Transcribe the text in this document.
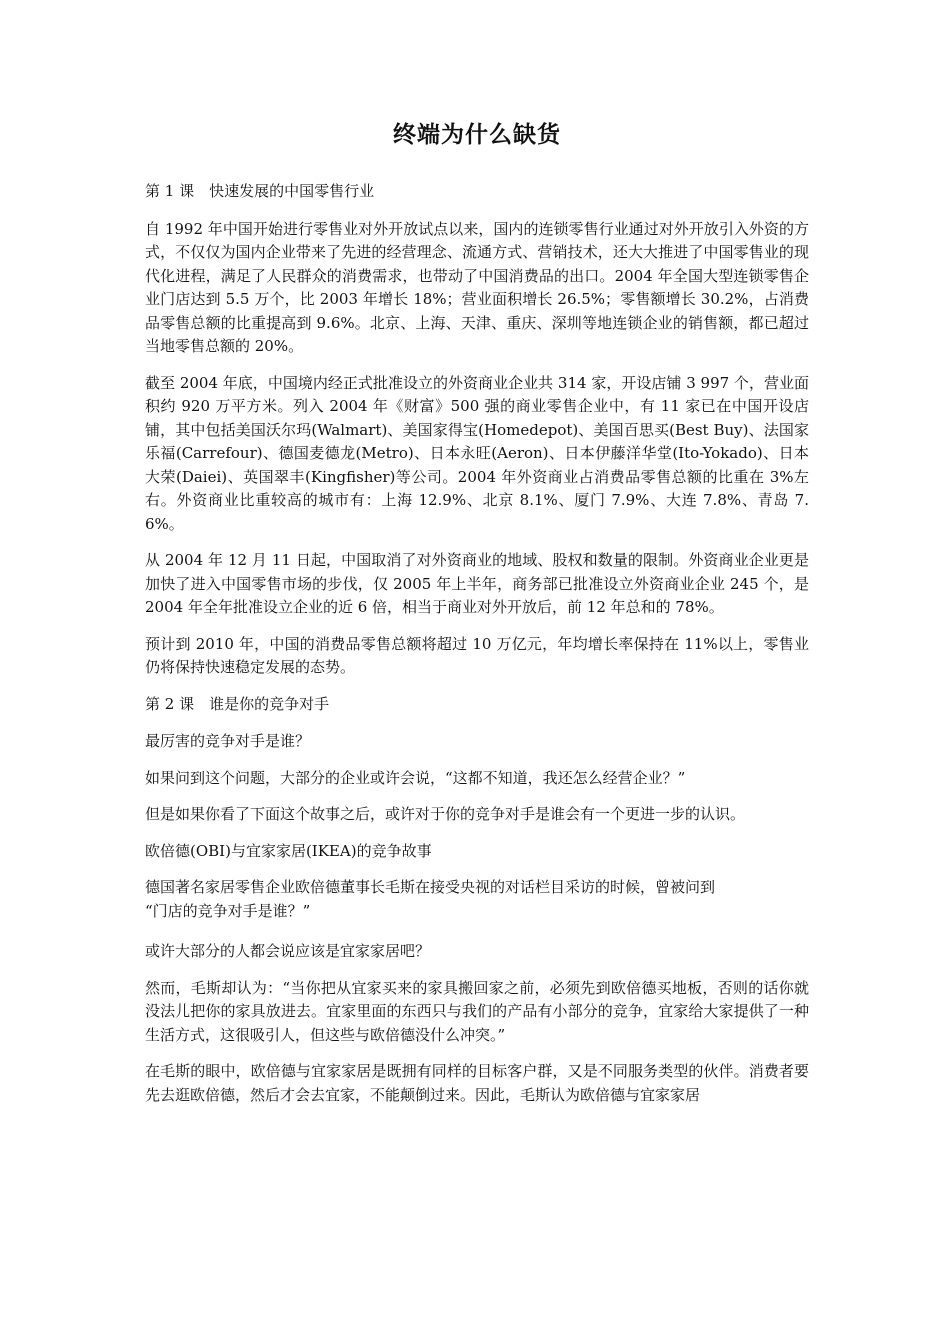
终端为什么缺货

第 1 课　快速发展的中国零售行业

自 1992 年中国开始进行零售业对外开放试点以来，国内的连锁零售行业通过对外开放引入外资的方式，不仅仅为国内企业带来了先进的经营理念、流通方式、营销技术，还大大推进了中国零售业的现代化进程，满足了人民群众的消费需求，也带动了中国消费品的出口。2004 年全国大型连锁零售企业门店达到 5.5 万个，比 2003 年增长 18%；营业面积增长 26.5%；零售额增长 30.2%，占消费品零售总额的比重提高到 9.6%。北京、上海、天津、重庆、深圳等地连锁企业的销售额，都已超过当地零售总额的 20%。

截至 2004 年底，中国境内经正式批准设立的外资商业企业共 314 家，开设店铺 3 997 个，营业面积约 920 万平方米。列入 2004 年《财富》500 强的商业零售企业中，有 11 家已在中国开设店铺，其中包括美国沃尔玛(Walmart)、美国家得宝(Homedepot)、美国百思买(Best Buy)、法国家乐福(Carrefour)、德国麦德龙(Metro)、日本永旺(Aeron)、日本伊藤洋华堂(Ito-Yokado)、日本大荣(Daiei)、英国翠丰(Kingfisher)等公司。2004 年外资商业占消费品零售总额的比重在 3%左右。外资商业比重较高的城市有：上海 12.9%、北京 8.1%、厦门 7.9%、大连 7.8%、青岛 7.6%。

从 2004 年 12 月 11 日起，中国取消了对外资商业的地域、股权和数量的限制。外资商业企业更是加快了进入中国零售市场的步伐，仅 2005 年上半年，商务部已批准设立外资商业企业 245 个，是 2004 年全年批准设立企业的近 6 倍，相当于商业对外开放后，前 12 年总和的 78%。

预计到 2010 年，中国的消费品零售总额将超过 10 万亿元，年均增长率保持在 11%以上，零售业仍将保持快速稳定发展的态势。

第 2 课　谁是你的竞争对手

最厉害的竞争对手是谁？

如果问到这个问题，大部分的企业或许会说，“这都不知道，我还怎么经营企业？”

但是如果你看了下面这个故事之后，或许对于你的竞争对手是谁会有一个更进一步的认识。

欧倍德(OBI)与宜家家居(IKEA)的竞争故事

德国著名家居零售企业欧倍德董事长毛斯在接受央视的对话栏目采访的时候，曾被问到
“门店的竞争对手是谁？”

或许大部分的人都会说应该是宜家家居吧？

然而，毛斯却认为：“当你把从宜家买来的家具搬回家之前，必须先到欧倍德买地板，否则的话你就没法儿把你的家具放进去。宜家里面的东西只与我们的产品有小部分的竞争，宜家给大家提供了一种生活方式，这很吸引人，但这些与欧倍德没什么冲突。”

在毛斯的眼中，欧倍德与宜家家居是既拥有同样的目标客户群，又是不同服务类型的伙伴。消费者要先去逛欧倍德，然后才会去宜家，不能颠倒过来。因此，毛斯认为欧倍德与宜家家居
